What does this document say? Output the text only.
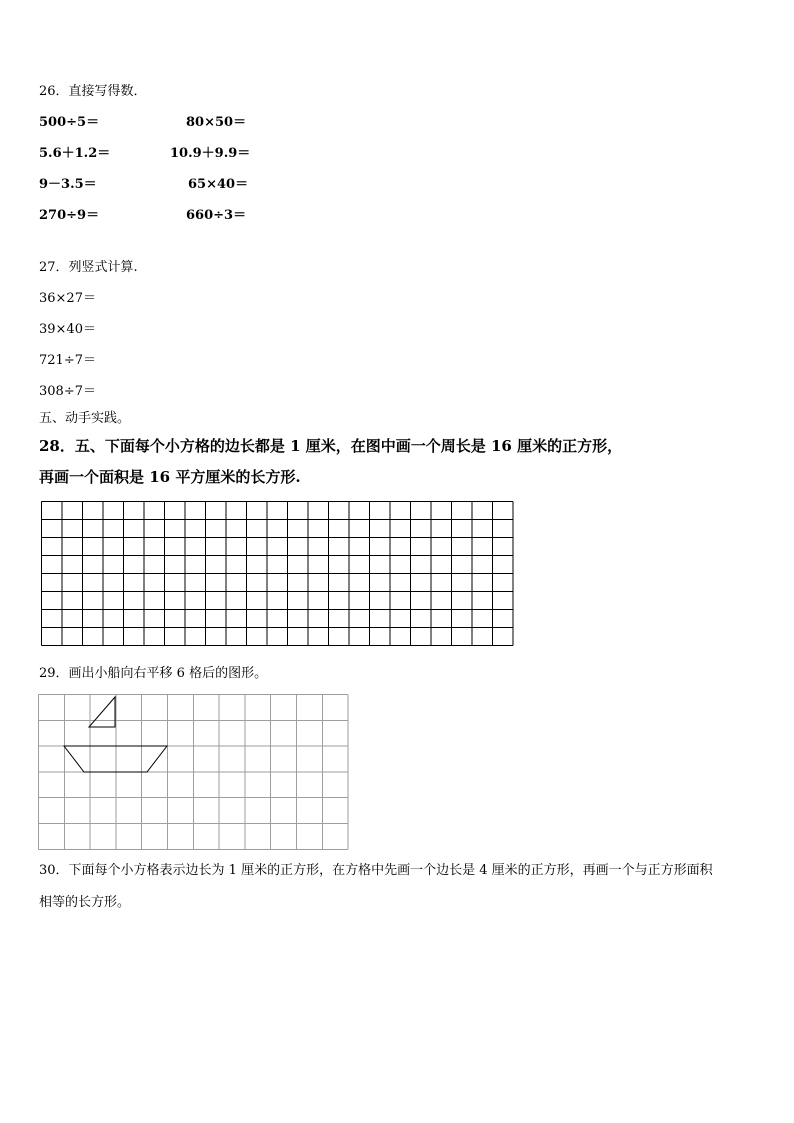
26．直接写得数．
500÷5＝	80×50＝
5.6＋1.2＝	10.9＋9.9＝
9－3.5＝	65×40＝
270÷9＝	660÷3＝
27．列竖式计算.
36×27＝
39×40＝
721÷7＝
308÷7＝
五、动手实践。
28．五、下面每个小方格的边长都是 1 厘米，在图中画一个周长是 16 厘米的正方形，
再画一个面积是 16 平方厘米的长方形.
29．画出小船向右平移 6 格后的图形。
30．下面每个小方格表示边长为 1 厘米的正方形，在方格中先画一个边长是 4 厘米的正方形，再画一个与正方形面积
相等的长方形。
